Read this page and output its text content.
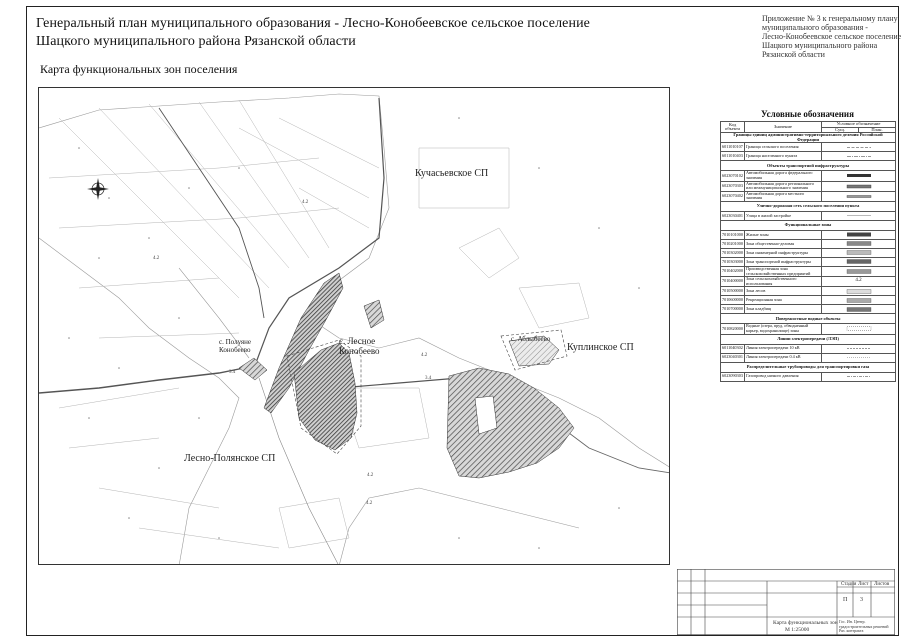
Генеральный план муниципального образования - Лесно-Конобеевское сельское поселение
Шацкого муниципального района Рязанской области
Карта функциональных зон поселения
Приложение № 3 к генеральному плану
муниципального образования -
Лесно-Конобеевское сельское поселение
Шацкого муниципального района
Рязанской области
Кучасьевское СП
Куплинское СП
Лесно-Полянское СП
с. Полуяне
Конобеево
с. Лесное
Конобеево
с. Аблыбеево
4.2
4.2
4.2
4.2
3.4
3.4
4.2
Условные обозначения
Код объекта	Значение	Условное обозначение	
		Сущ.	План.
Границы единиц административно-территориального деления Российской Федерации			
6011010107	Граница сельского поселения	

6011010403	Граница населенного пункта	

Объекты транспортной инфраструктуры			
6023070102	Автомобильная дорога федерального значения	

6023070303	Автомобильная дорога регионального или межмуниципального значения	

6023070402	Автомобильная дорога местного значения	

Улично-дорожная сеть сельского поселения пункта			
6023030401	Улица в жилой застройке	

Функциональные зоны			
7010101000	Жилые зоны	

7010201000	Зона общественно-деловая	

7010302000	Зона инженерной инфраструктуры	

7010303000	Зона транспортной инфраструктуры	

7010402000	Производственная зона сельскохозяйственных предприятий	

7010400000	Зона сельскохозяйственного использования	4.2	
7010500000	Зона лесов	

7010600000	Рекреационная зона	

7010700000	Зона кладбищ	

Поверхностные водные объекты			
7010820000	Водные (озера, пруд, обводненный карьер, водохранилище) зоны	

Линии электропередачи (ЛЭП)			
6011040302	Линия электропередачи 10 кВ	

6023040301	Линия электропередачи 0.4 кВ	

Распределительные трубопроводы для транспортировки газа			
6023090303	Газопровод низкого давления	
Стадия Лист Листов
П 3
Карта функциональных зон
М 1:25000
Гос. Ин. Центр. градостроительных решений Ряз. контракта
